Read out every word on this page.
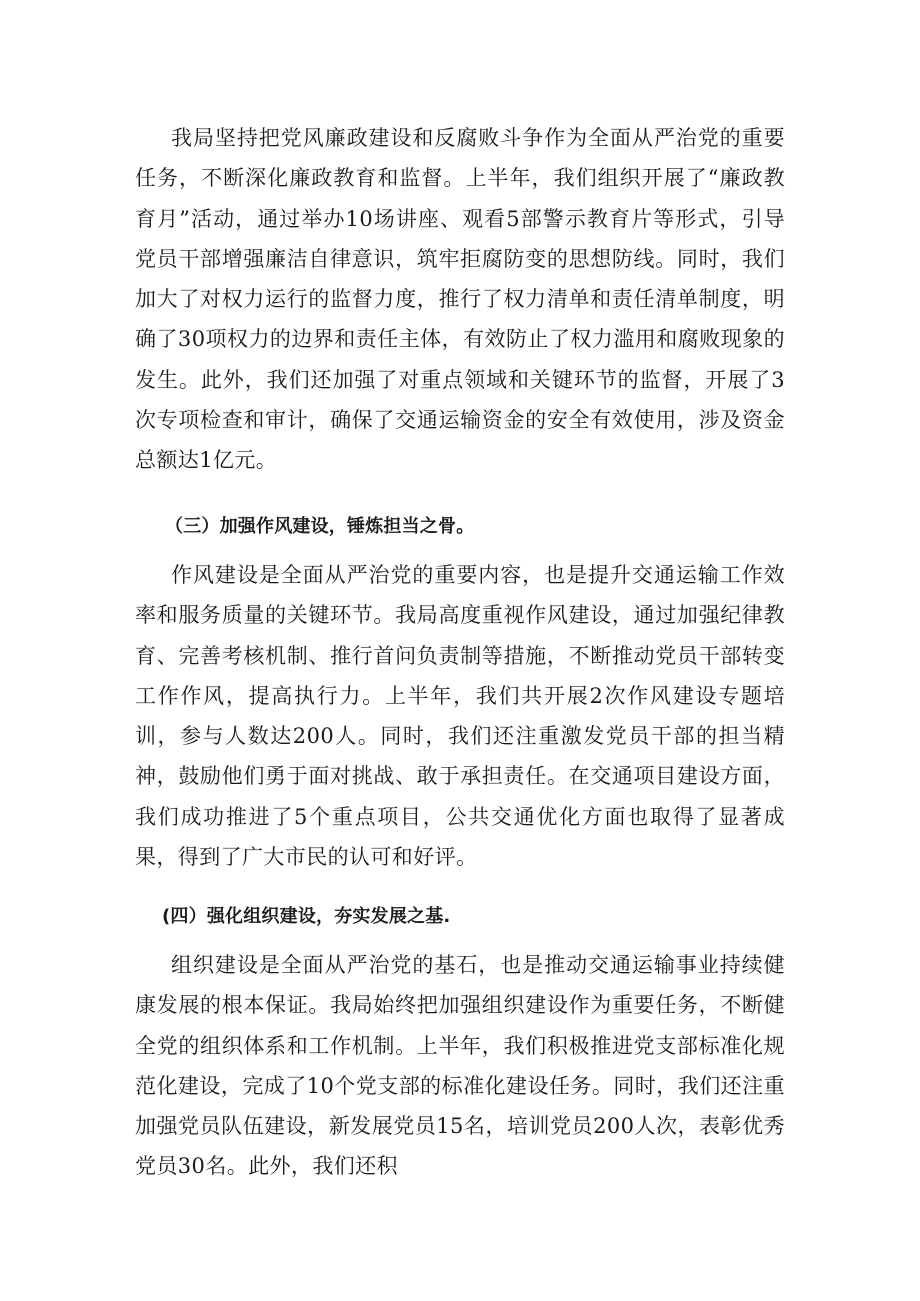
我局坚持把党风廉政建设和反腐败斗争作为全面从严治党的重要任务，不断深化廉政教育和监督。上半年，我们组织开展了“廉政教育月”活动，通过举办10场讲座、观看5部警示教育片等形式，引导党员干部增强廉洁自律意识，筑牢拒腐防变的思想防线。同时，我们加大了对权力运行的监督力度，推行了权力清单和责任清单制度，明确了30项权力的边界和责任主体，有效防止了权力滥用和腐败现象的发生。此外，我们还加强了对重点领域和关键环节的监督，开展了3次专项检查和审计，确保了交通运输资金的安全有效使用，涉及资金总额达1亿元。

（三）加强作风建设，锤炼担当之骨。

作风建设是全面从严治党的重要内容，也是提升交通运输工作效率和服务质量的关键环节。我局高度重视作风建设，通过加强纪律教育、完善考核机制、推行首问负责制等措施，不断推动党员干部转变工作作风，提高执行力。上半年，我们共开展2次作风建设专题培训，参与人数达200人。同时，我们还注重激发党员干部的担当精神，鼓励他们勇于面对挑战、敢于承担责任。在交通项目建设方面，我们成功推进了5个重点项目，公共交通优化方面也取得了显著成果，得到了广大市民的认可和好评。

(四）强化组织建设，夯实发展之基.

组织建设是全面从严治党的基石，也是推动交通运输事业持续健康发展的根本保证。我局始终把加强组织建设作为重要任务，不断健全党的组织体系和工作机制。上半年，我们积极推进党支部标准化规范化建设，完成了10个党支部的标准化建设任务。同时，我们还注重加强党员队伍建设，新发展党员15名，培训党员200人次，表彰优秀党员30名。此外，我们还积
